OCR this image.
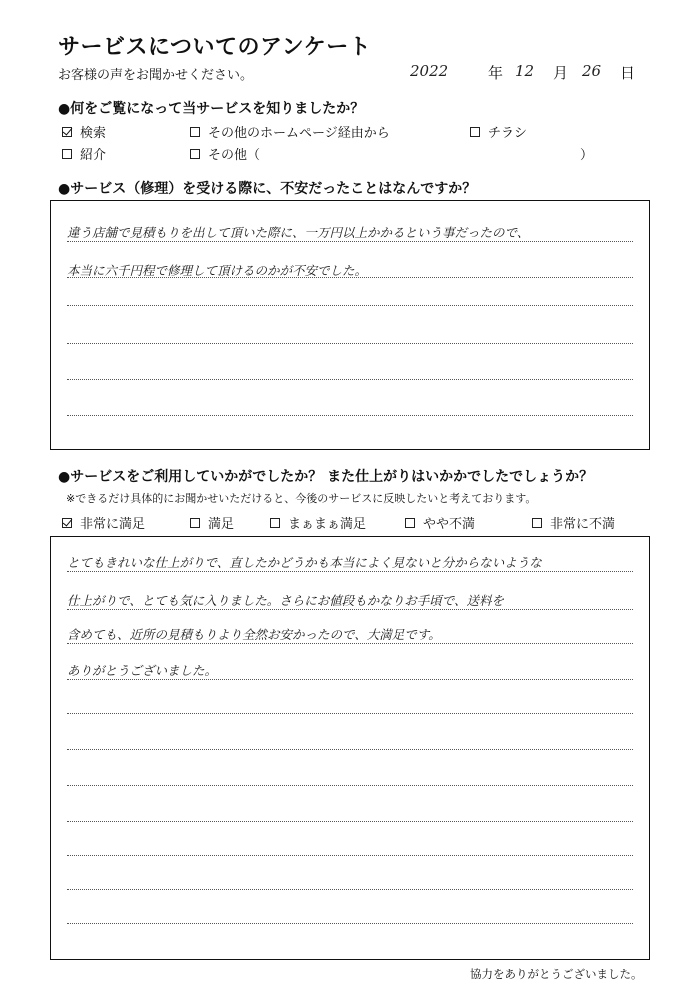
サービスについてのアンケート
お客様の声をお聞かせください。	2022	年 12 月 26 日
●何をご覧になって当サービスを知りましたか？
検索	その他のホームページ経由から	チラシ
紹介	その他（	）
●サービス（修理）を受ける際に、不安だったことはなんですか？
違う店舗で見積もりを出して頂いた際に、一万円以上かかるという事だったので、
本当に六千円程で修理して頂けるのかが不安でした。
●サービスをご利用していかがでしたか？ また仕上がりはいかかでしたでしょうか？
※できるだけ具体的にお聞かせいただけると、今後のサービスに反映したいと考えております。
非常に満足	満足	まぁまぁ満足	やや不満	非常に不満
とてもきれいな仕上がりで、直したかどうかも本当によく見ないと分からないような
仕上がりで、とても気に入りました。さらにお値段もかなりお手頃で、送料を
含めても、近所の見積もりより全然お安かったので、大満足です。
ありがとうございました。
協力をありがとうございました。
